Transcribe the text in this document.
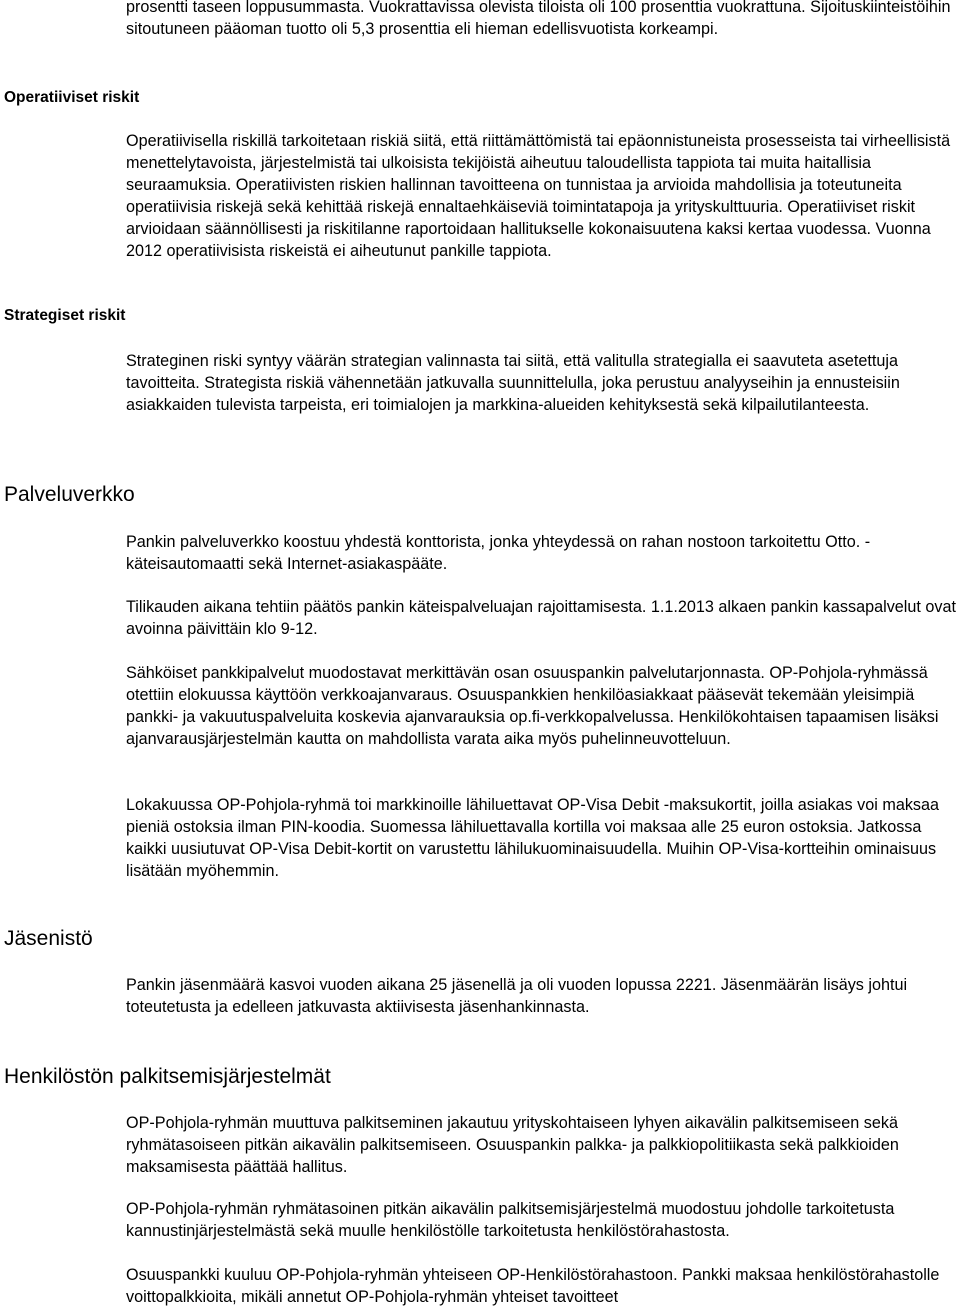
prosentti taseen loppusummasta. Vuokrattavissa olevista tiloista oli 100 prosenttia vuokrattuna. Sijoituskiinteistöihin sitoutuneen pääoman tuotto oli 5,3 prosenttia eli hieman edellisvuotista korkeampi.

Operatiiviset riskit

Operatiivisella riskillä tarkoitetaan riskiä siitä, että riittämättömistä tai epäonnistuneista prosesseista tai virheellisistä menettelytavoista, järjestelmistä tai ulkoisista tekijöistä aiheutuu taloudellista tappiota tai muita haitallisia seuraamuksia. Operatiivisten riskien hallinnan tavoitteena on tunnistaa ja arvioida mahdollisia ja toteutuneita operatiivisia riskejä sekä kehittää riskejä ennaltaehkäiseviä toimintatapoja ja yrityskulttuuria. Operatiiviset riskit arvioidaan säännöllisesti ja riskitilanne raportoidaan hallitukselle kokonaisuutena kaksi kertaa vuodessa. Vuonna 2012 operatiivisista riskeistä ei aiheutunut pankille tappiota.

Strategiset riskit

Strateginen riski syntyy väärän strategian valinnasta tai siitä, että valitulla strategialla ei saavuteta asetettuja tavoitteita. Strategista riskiä vähennetään jatkuvalla suunnittelulla, joka perustuu analyyseihin ja ennusteisiin asiakkaiden tulevista tarpeista, eri toimialojen ja markkina-alueiden kehityksestä sekä kilpailutilanteesta.

Palveluverkko

Pankin palveluverkko koostuu yhdestä konttorista, jonka yhteydessä on rahan nostoon tarkoitettu Otto. -käteisautomaatti sekä Internet-asiakaspääte.

Tilikauden aikana tehtiin päätös pankin käteispalveluajan rajoittamisesta. 1.1.2013 alkaen pankin kassapalvelut ovat avoinna päivittäin klo 9-12.

Sähköiset pankkipalvelut muodostavat merkittävän osan osuuspankin palvelutarjonnasta. OP-Pohjola-ryhmässä otettiin elokuussa käyttöön verkkoajanvaraus. Osuuspankkien henkilöasiakkaat pääsevät tekemään yleisimpiä pankki- ja vakuutuspalveluita koskevia ajanvarauksia op.fi-verkkopalvelussa. Henkilökohtaisen tapaamisen lisäksi ajanvarausjärjestelmän kautta on mahdollista varata aika myös puhelinneuvotteluun.

Lokakuussa OP-Pohjola-ryhmä toi markkinoille lähiluettavat OP-Visa Debit -maksukortit, joilla asiakas voi maksaa pieniä ostoksia ilman PIN-koodia. Suomessa lähiluettavalla kortilla voi maksaa alle 25 euron ostoksia. Jatkossa kaikki uusiutuvat OP-Visa Debit-kortit on varustettu lähilukuominaisuudella. Muihin OP-Visa-kortteihin ominaisuus lisätään myöhemmin.

Jäsenistö

Pankin jäsenmäärä kasvoi vuoden aikana 25 jäsenellä ja oli vuoden lopussa 2221. Jäsenmäärän lisäys johtui toteutetusta ja edelleen jatkuvasta aktiivisesta jäsenhankinnasta.

Henkilöstön palkitsemisjärjestelmät

OP-Pohjola-ryhmän muuttuva palkitseminen jakautuu yrityskohtaiseen lyhyen aikavälin palkitsemiseen sekä ryhmätasoiseen pitkän aikavälin palkitsemiseen. Osuuspankin palkka- ja palkkiopolitiikasta sekä palkkioiden maksamisesta päättää hallitus.

OP-Pohjola-ryhmän ryhmätasoinen pitkän aikavälin palkitsemisjärjestelmä muodostuu johdolle tarkoitetusta kannustinjärjestelmästä sekä muulle henkilöstölle tarkoitetusta henkilöstörahastosta.

Osuuspankki kuuluu OP-Pohjola-ryhmän yhteiseen OP-Henkilöstörahastoon. Pankki maksaa henkilöstörahastolle voittopalkkioita, mikäli annetut OP-Pohjola-ryhmän yhteiset tavoitteet
